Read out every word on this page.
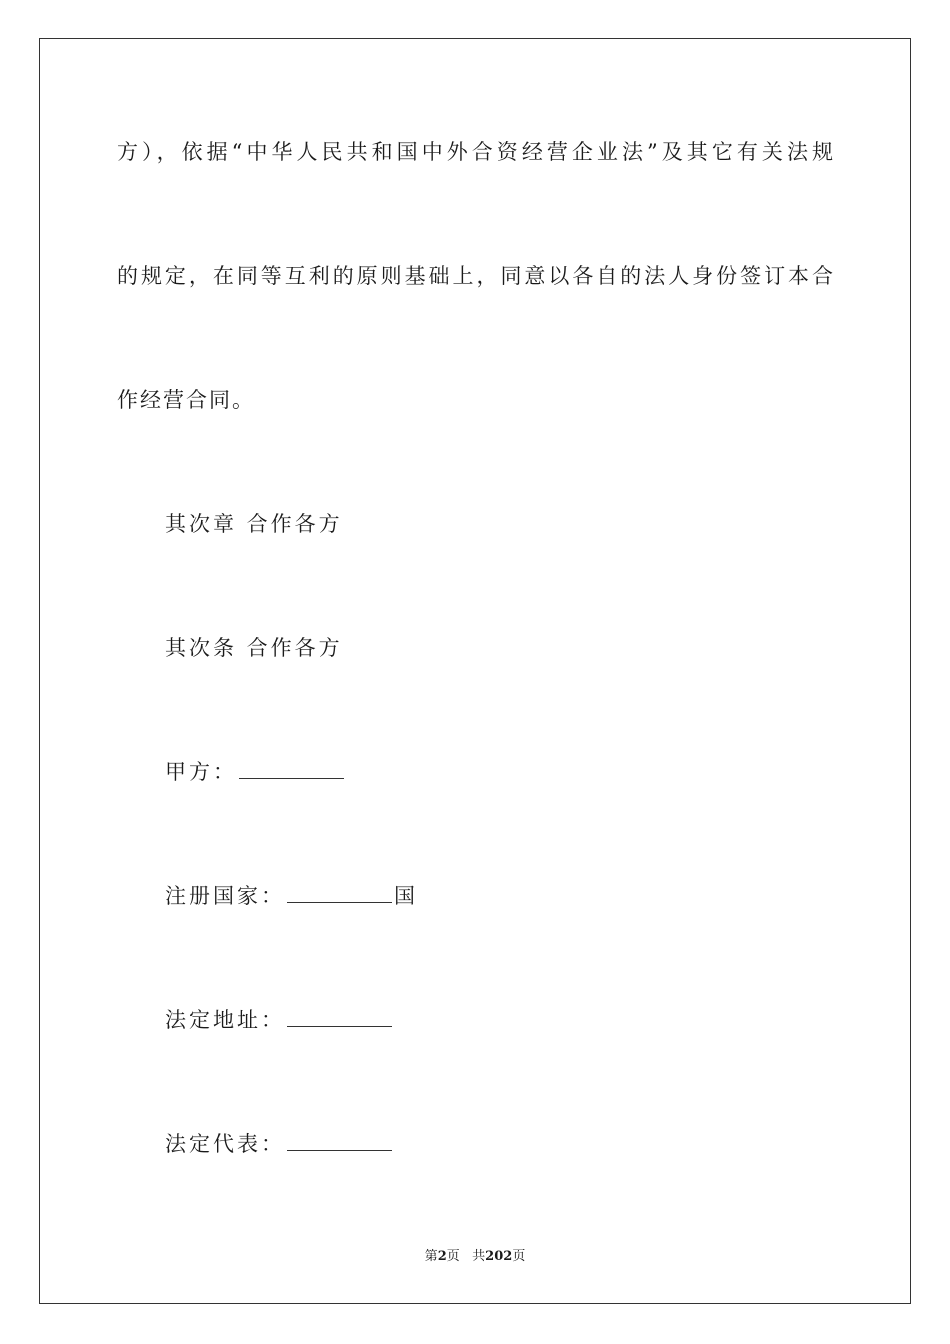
方），依据“中华人民共和国中外合资经营企业法”及其它有关法规
的规定，在同等互利的原则基础上，同意以各自的法人身份签订本合
作经营合同。
其次章 合作各方
其次条 合作各方
甲方：
注册国家：	国
法定地址：
法定代表：
第2页 共202页
